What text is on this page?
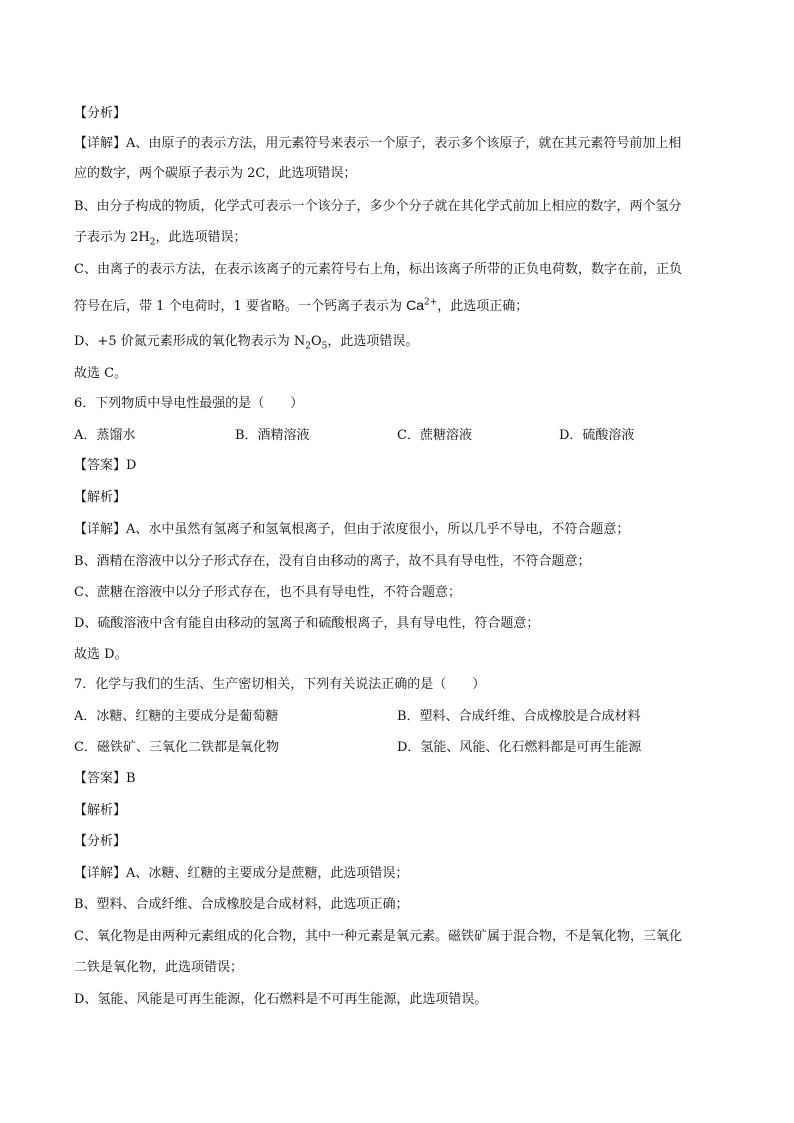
【分析】
【详解】A、由原子的表示方法，用元素符号来表示一个原子，表示多个该原子，就在其元素符号前加上相
应的数字，两个碳原子表示为 2C，此选项错误；
B、由分子构成的物质，化学式可表示一个该分子，多少个分子就在其化学式前加上相应的数字，两个氢分
子表示为 $2H_2$，此选项错误；
C、由离子的表示方法，在表示该离子的元素符号右上角，标出该离子所带的正负电荷数，数字在前，正负
符号在后，带 1 个电荷时，1 要省略。一个钙离子表示为 $Ca^{2+}$，此选项正确；
D、+5 价氮元素形成的氧化物表示为 $N_2O_5$，此选项错误。
故选 C。
6．下列物质中导电性最强的是（　　）
A．蒸馏水	B．酒精溶液	C．蔗糖溶液	D．硫酸溶液
【答案】D
【解析】
【详解】A、水中虽然有氢离子和氢氧根离子，但由于浓度很小，所以几乎不导电，不符合题意；
B、酒精在溶液中以分子形式存在，没有自由移动的离子，故不具有导电性，不符合题意；
C、蔗糖在溶液中以分子形式存在，也不具有导电性，不符合题意；
D、硫酸溶液中含有能自由移动的氢离子和硫酸根离子，具有导电性，符合题意；
故选 D。
7．化学与我们的生活、生产密切相关，下列有关说法正确的是（　　）
A．冰糖、红糖的主要成分是葡萄糖	B．塑料、合成纤维、合成橡胶是合成材料
C．磁铁矿、三氧化二铁都是氧化物	D．氢能、风能、化石燃料都是可再生能源
【答案】B
【解析】
【分析】
【详解】A、冰糖、红糖的主要成分是蔗糖，此选项错误；
B、塑料、合成纤维、合成橡胶是合成材料，此选项正确；
C、氧化物是由两种元素组成的化合物，其中一种元素是氧元素。磁铁矿属于混合物，不是氧化物，三氧化
二铁是氧化物，此选项错误；
D、氢能、风能是可再生能源，化石燃料是不可再生能源，此选项错误。
